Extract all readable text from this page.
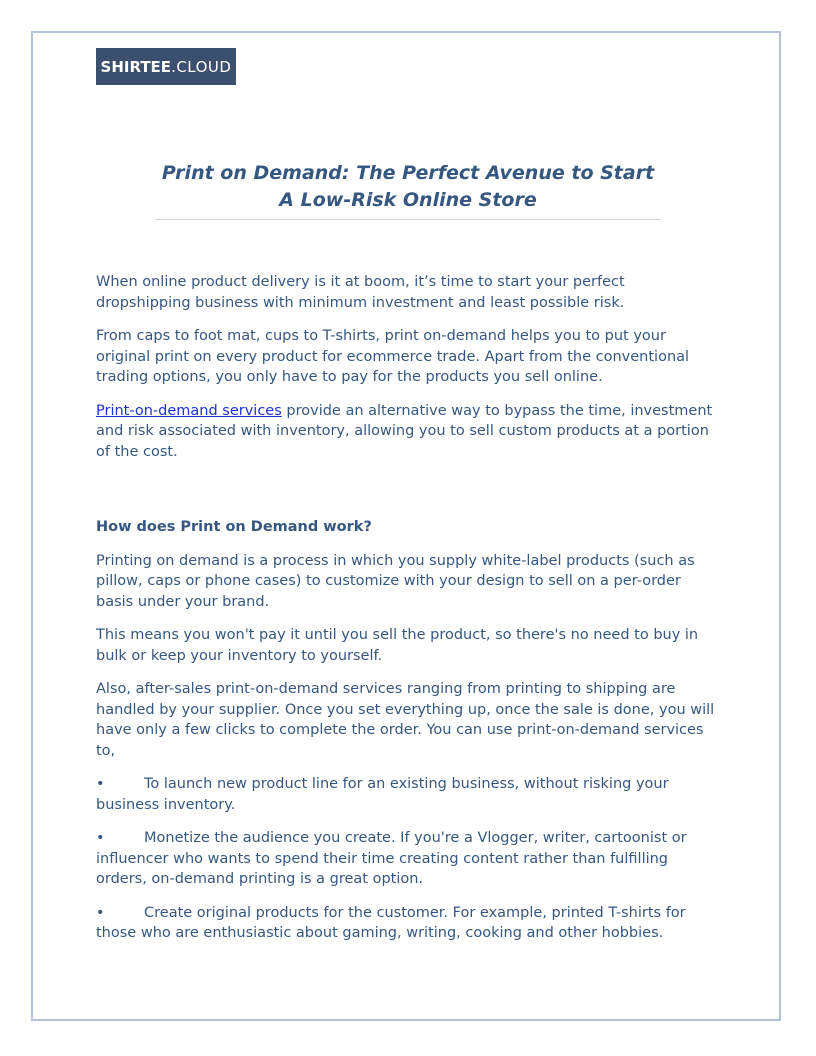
SHIRTEE .CLOUD
Print on Demand: The Perfect Avenue to Start
A Low-Risk Online Store

When online product delivery is it at boom, it’s time to start your perfect dropshipping business with minimum investment and least possible risk.

From caps to foot mat, cups to T-shirts, print on-demand helps you to put your original print on every product for ecommerce trade. Apart from the conventional trading options, you only have to pay for the products you sell online.

Print-on-demand services provide an alternative way to bypass the time, investment and risk associated with inventory, allowing you to sell custom products at a portion of the cost.

How does Print on Demand work?

Printing on demand is a process in which you supply white-label products (such as pillow, caps or phone cases) to customize with your design to sell on a per-order basis under your brand.

This means you won't pay it until you sell the product, so there's no need to buy in bulk or keep your inventory to yourself.

Also, after-sales print-on-demand services ranging from printing to shipping are handled by your supplier. Once you set everything up, once the sale is done, you will have only a few clicks to complete the order. You can use print-on-demand services to,

•	To launch new product line for an existing business, without risking your business inventory.

•	Monetize the audience you create. If you're a Vlogger, writer, cartoonist or influencer who wants to spend their time creating content rather than fulfilling orders, on-demand printing is a great option.

•	Create original products for the customer. For example, printed T-shirts for those who are enthusiastic about gaming, writing, cooking and other hobbies.
